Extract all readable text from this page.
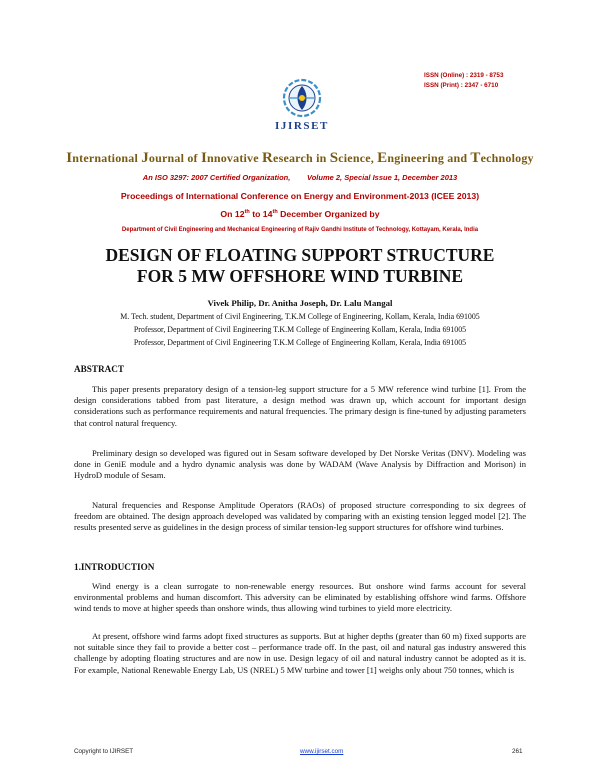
ISSN (Online) : 2319 - 8753
ISSN (Print) : 2347 - 6710
IJIRSET
International Journal of Innovative Research in Science, Engineering and Technology
An ISO 3297: 2007 Certified Organization,        Volume 2, Special Issue 1, December 2013
Proceedings of International Conference on Energy and Environment-2013 (ICEE 2013)
On 12th to 14th December Organized by
Department of Civil Engineering and Mechanical Engineering of Rajiv Gandhi Institute of Technology, Kottayam, Kerala, India
DESIGN OF FLOATING SUPPORT STRUCTURE
FOR 5 MW OFFSHORE WIND TURBINE
Vivek Philip, Dr. Anitha Joseph, Dr. Lalu Mangal
M. Tech. student, Department of Civil Engineering, T.K.M College of Engineering, Kollam, Kerala, India 691005
Professor, Department of Civil Engineering T.K.M College of Engineering Kollam, Kerala, India 691005
Professor, Department of Civil Engineering T.K.M College of Engineering Kollam, Kerala, India 691005
ABSTRACT

This paper presents preparatory design of a tension-leg support structure for a 5 MW reference wind turbine [1]. From the design considerations tabbed from past literature, a design method was drawn up, which account for important design considerations such as performance requirements and natural frequencies. The primary design is fine-tuned by adjusting parameters that control natural frequency.

Preliminary design so developed was figured out in Sesam software developed by Det Norske Veritas (DNV). Modeling was done in GeniE module and a hydro dynamic analysis was done by WADAM (Wave Analysis by Diffraction and Morison) in HydroD module of Sesam.

Natural frequencies and Response Amplitude Operators (RAOs) of proposed structure corresponding to six degrees of freedom are obtained. The design approach developed was validated by comparing with an existing tension legged model [2]. The results presented serve as guidelines in the design process of similar tension-leg support structures for offshore wind turbines.

1.INTRODUCTION

Wind energy is a clean surrogate to non-renewable energy resources. But onshore wind farms account for several environmental problems and human discomfort. This adversity can be eliminated by establishing offshore wind farms. Offshore wind tends to move at higher speeds than onshore winds, thus allowing wind turbines to yield more electricity.

At present, offshore wind farms adopt fixed structures as supports. But at higher depths (greater than 60 m) fixed supports are not suitable since they fail to provide a better cost – performance trade off. In the past, oil and natural gas industry answered this challenge by adopting floating structures and are now in use. Design legacy of oil and natural industry cannot be adopted as it is. For example, National Renewable Energy Lab, US (NREL) 5 MW turbine and tower [1] weighs only about 750 tonnes, which is

Copyright to IJIRSET	www.ijirset.com	261
